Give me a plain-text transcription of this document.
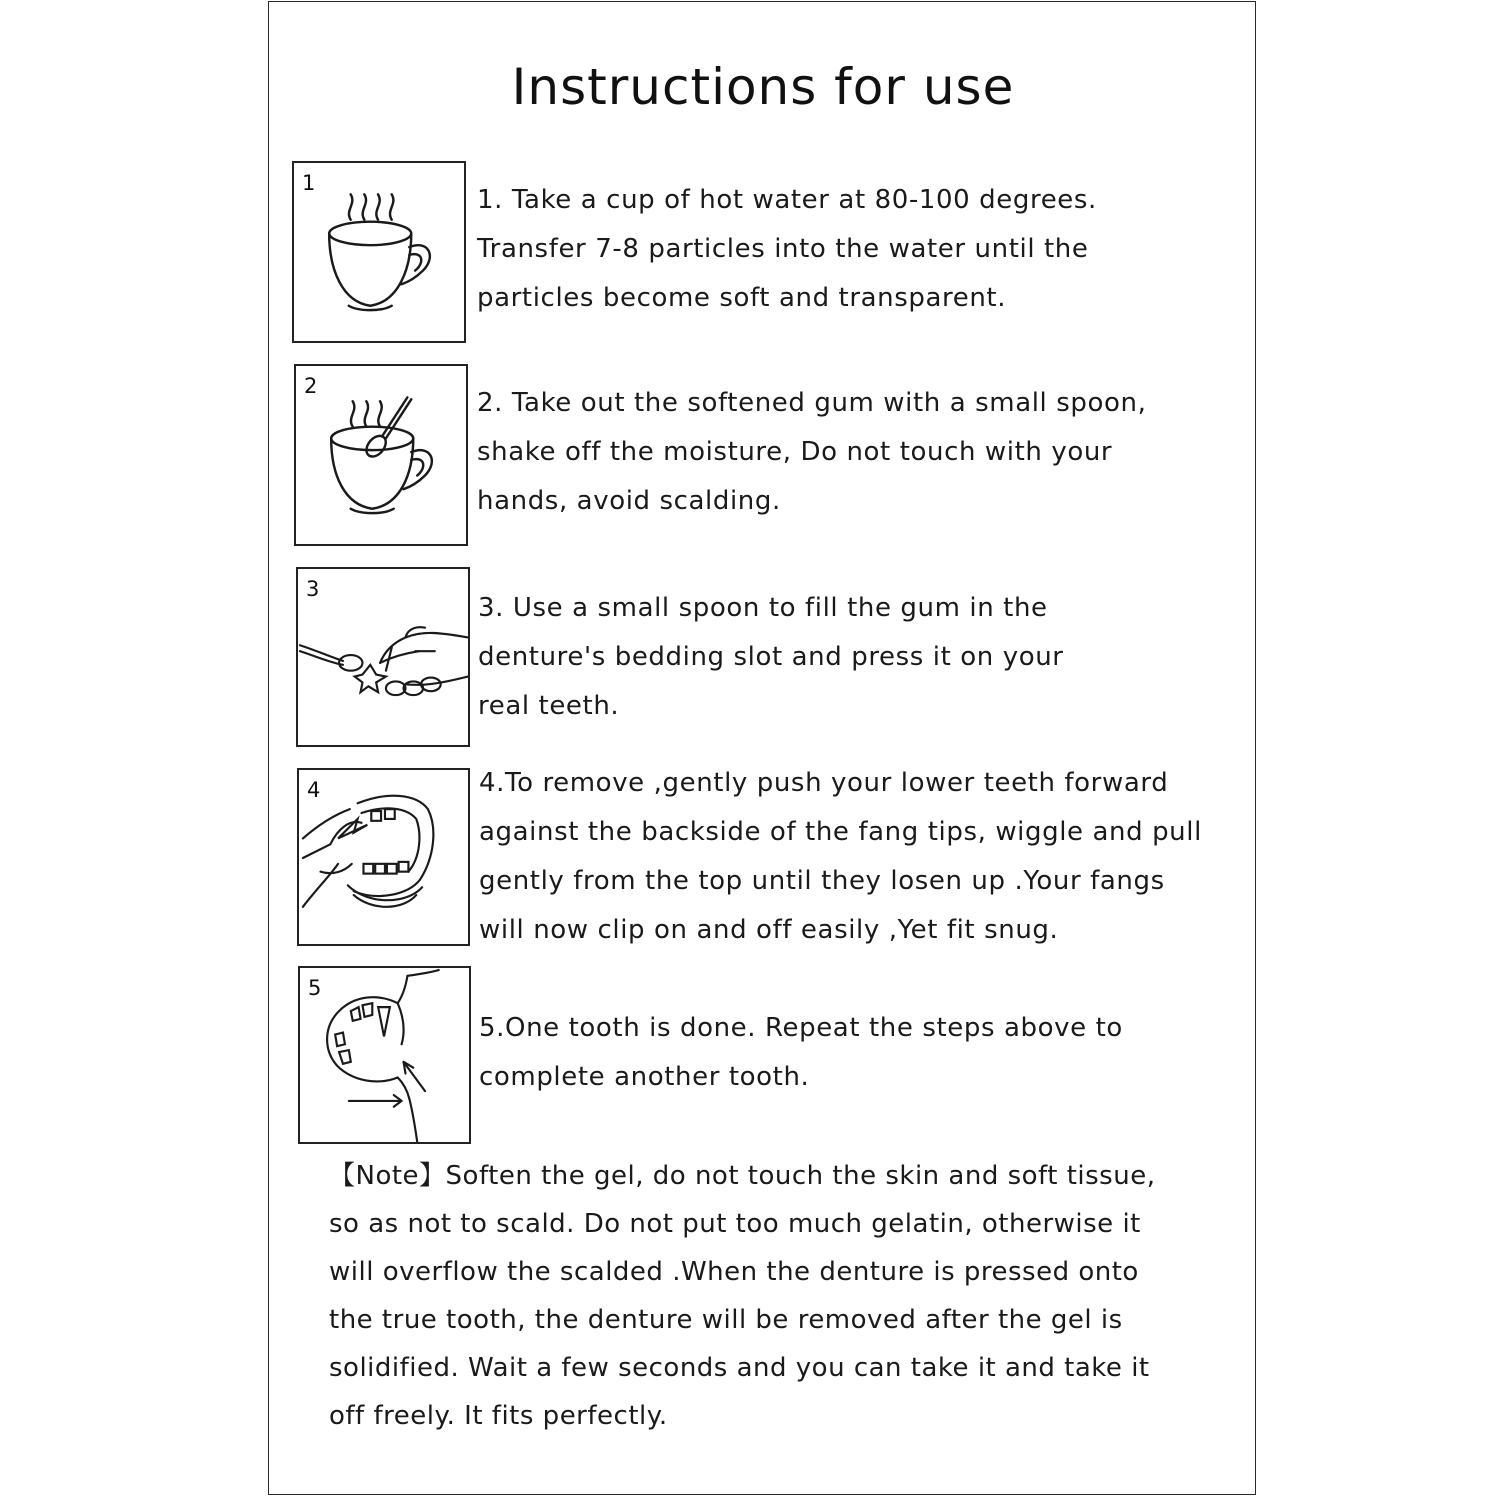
Instructions for use
1
1. Take a cup of hot water at 80-100 degrees.
Transfer 7-8 particles into the water until the
particles become soft and transparent.
2
2. Take out the softened gum with a small spoon,
shake off the moisture, Do not touch with your
hands, avoid scalding.
3
3. Use a small spoon to fill the gum in the
denture's bedding slot and press it on your
real teeth.
4	4.To remove ,gently push your lower teeth forward
against the backside of the fang tips, wiggle and pull
gently from the top until they losen up .Your fangs
will now clip on and off easily ,Yet fit snug.
5
5.One tooth is done. Repeat the steps above to
complete another tooth.
【Note】Soften the gel, do not touch the skin and soft tissue,
so as not to scald. Do not put too much gelatin, otherwise it
will overflow the scalded .When the denture is pressed onto
the true tooth, the denture will be removed after the gel is
solidified. Wait a few seconds and you can take it and take it
off freely. It fits perfectly.
